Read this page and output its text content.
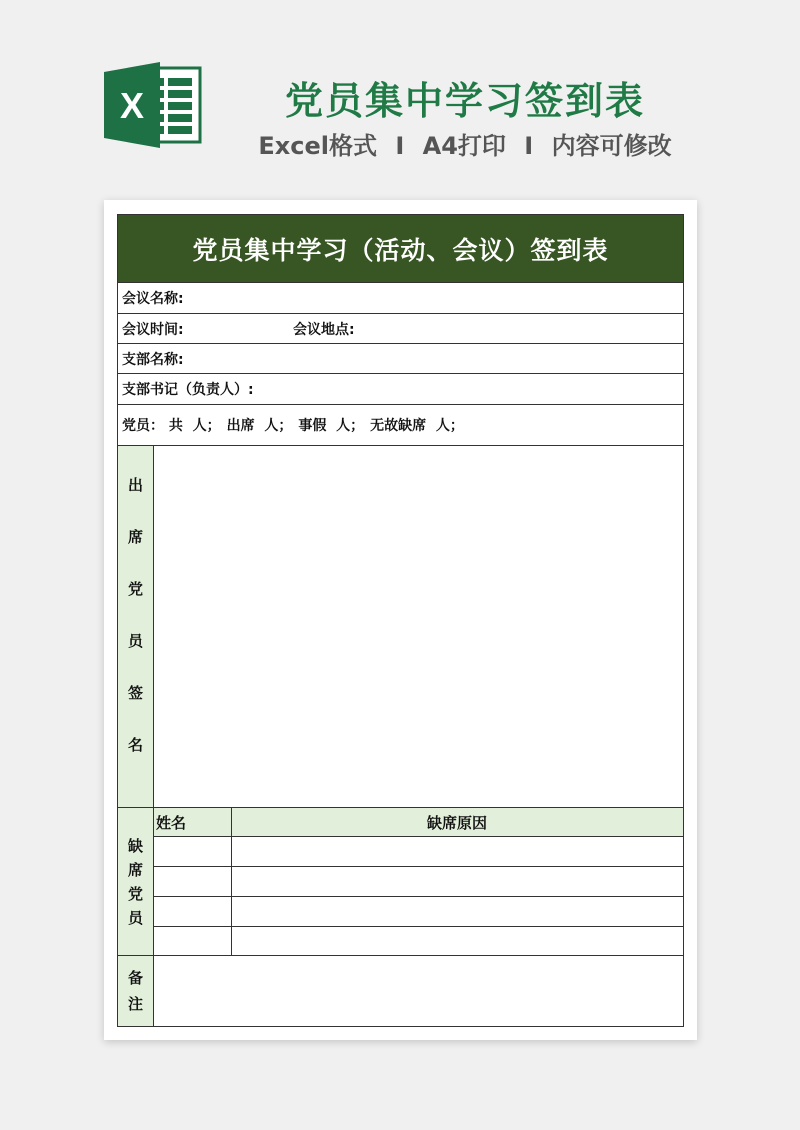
X	党员集中学习签到表
Excel格式 I A4打印 I 内容可修改
党员集中学习（活动、会议）签到表
会议名称:
会议时间:	会议地点:
支部名称:
支部书记（负责人）:
党员： 共  人； 出席  人； 事假  人； 无故缺席  人；
出
席
党
员
签
名
缺
席
党
员
姓名	缺席原因
备
注
